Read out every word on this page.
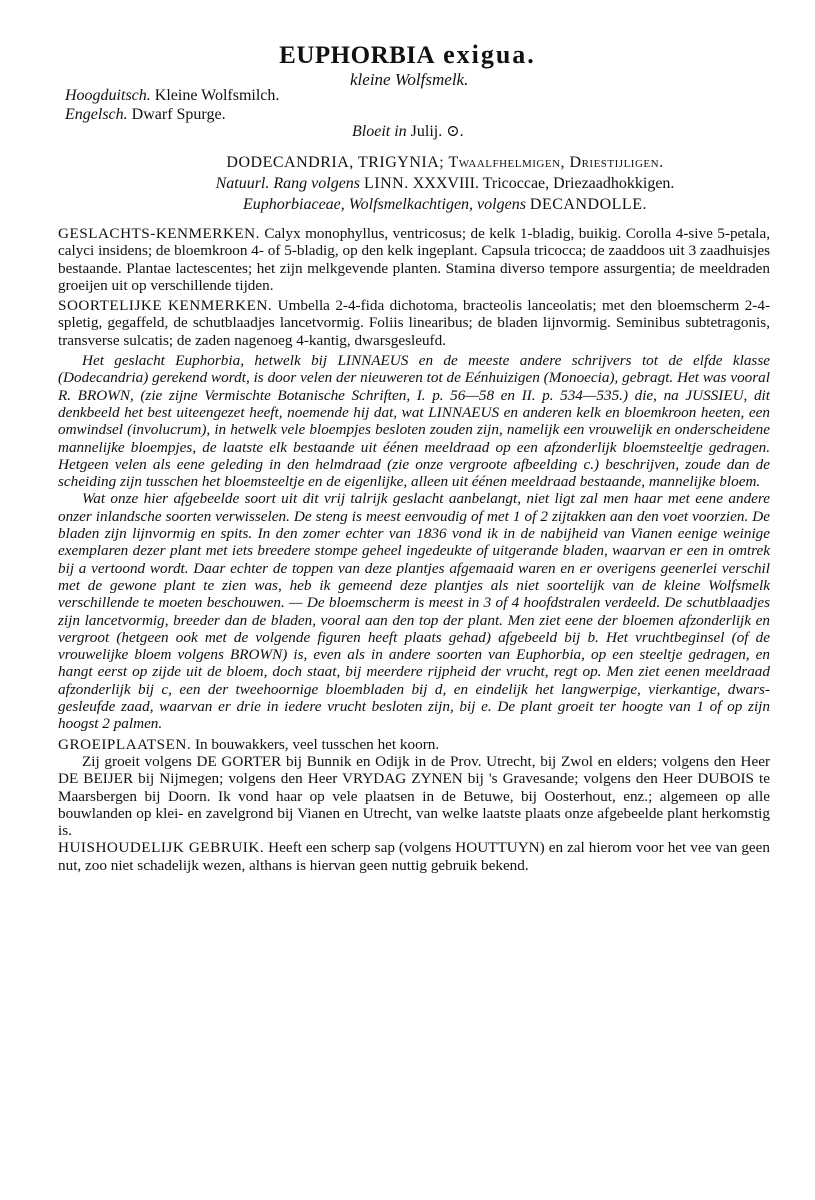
EUPHORBIA exigua.
kleine Wolfsmelk.
Hoogduitsch. Kleine Wolfsmilch.
Engelsch. Dwarf Spurge.
Bloeit in Julij. ⊙.
DODECANDRIA, TRIGYNIA; Twaalfhelmigen, Driestijligen.
Natuurl. Rang volgens LINN. XXXVIII. Tricoccae, Driezaadhokkigen.
Euphorbiaceae, Wolfsmelkachtigen, volgens DECANDOLLE.

GESLACHTS-KENMERKEN. Calyx monophyllus, ventricosus; de kelk 1-bladig, buikig. Corolla 4-sive 5-petala, calyci insidens; de bloemkroon 4- of 5-bladig, op den kelk ingeplant. Capsula tricocca; de zaaddoos uit 3 zaadhuisjes bestaande. Plantae lactescentes; het zijn melkgevende planten. Stamina diverso tempore assurgentia; de meeldraden groeijen uit op verschillende tijden.

SOORTELIJKE KENMERKEN. Umbella 2-4-fida dichotoma, bracteolis lanceolatis; met den bloemscherm 2-4-spletig, gegaffeld, de schutblaadjes lancetvormig. Foliis linearibus; de bladen lijnvormig. Seminibus subtetragonis, transverse sulcatis; de zaden nagenoeg 4-kantig, dwarsgesleufd.

Het geslacht Euphorbia, hetwelk bij LINNAEUS en de meeste andere schrijvers tot de elfde klasse (Dodecandria) gerekend wordt, is door velen der nieuweren tot de Eénhuizigen (Monoecia), gebragt. Het was vooral R. BROWN, (zie zijne Vermischte Botanische Schriften, I. p. 56—58 en II. p. 534—535.) die, na JUSSIEU, dit denkbeeld het best uiteengezet heeft, noemende hij dat, wat LINNAEUS en anderen kelk en bloemkroon heeten, een omwindsel (involucrum), in hetwelk vele bloempjes besloten zouden zijn, namelijk een vrouwelijk en onderscheidene mannelijke bloempjes, de laatste elk bestaande uit éénen meeldraad op een afzonderlijk bloemsteeltje gedragen. Hetgeen velen als eene geleding in den helmdraad (zie onze vergroote afbeelding c.) beschrijven, zoude dan de scheiding zijn tusschen het bloemsteeltje en de eigenlijke, alleen uit éénen meeldraad bestaande, mannelijke bloem.

Wat onze hier afgebeelde soort uit dit vrij talrijk geslacht aanbelangt, niet ligt zal men haar met eene andere onzer inlandsche soorten verwisselen. De steng is meest eenvoudig of met 1 of 2 zijtakken aan den voet voorzien. De bladen zijn lijnvormig en spits. In den zomer echter van 1836 vond ik in de nabijheid van Vianen eenige weinige exemplaren dezer plant met iets breedere stompe geheel ingedeukte of uitgerande bladen, waarvan er een in omtrek bij a vertoond wordt. Daar echter de toppen van deze plantjes afgemaaid waren en er overigens geenerlei verschil met de gewone plant te zien was, heb ik gemeend deze plantjes als niet soortelijk van de kleine Wolfsmelk verschillende te moeten beschouwen. — De bloemscherm is meest in 3 of 4 hoofdstralen verdeeld. De schutblaadjes zijn lancetvormig, breeder dan de bladen, vooral aan den top der plant. Men ziet eene der bloemen afzonderlijk en vergroot (hetgeen ook met de volgende figuren heeft plaats gehad) afgebeeld bij b. Het vruchtbeginsel (of de vrouwelijke bloem volgens BROWN) is, even als in andere soorten van Euphorbia, op een steeltje gedragen, en hangt eerst op zijde uit de bloem, doch staat, bij meerdere rijpheid der vrucht, regt op. Men ziet eenen meeldraad afzonderlijk bij c, een der tweehoornige bloembladen bij d, en eindelijk het langwerpige, vierkantige, dwars-gesleufde zaad, waarvan er drie in iedere vrucht besloten zijn, bij e. De plant groeit ter hoogte van 1 of op zijn hoogst 2 palmen.

GROEIPLAATSEN. In bouwakkers, veel tusschen het koorn.

Zij groeit volgens DE GORTER bij Bunnik en Odijk in de Prov. Utrecht, bij Zwol en elders; volgens den Heer DE BEIJER bij Nijmegen; volgens den Heer VRYDAG ZYNEN bij 's Gravesande; volgens den Heer DUBOIS te Maarsbergen bij Doorn. Ik vond haar op vele plaatsen in de Betuwe, bij Oosterhout, enz.; algemeen op alle bouwlanden op klei- en zavelgrond bij Vianen en Utrecht, van welke laatste plaats onze afgebeelde plant herkomstig is.

HUISHOUDELIJK GEBRUIK. Heeft een scherp sap (volgens HOUTTUYN) en zal hierom voor het vee van geen nut, zoo niet schadelijk wezen, althans is hiervan geen nuttig gebruik bekend.
